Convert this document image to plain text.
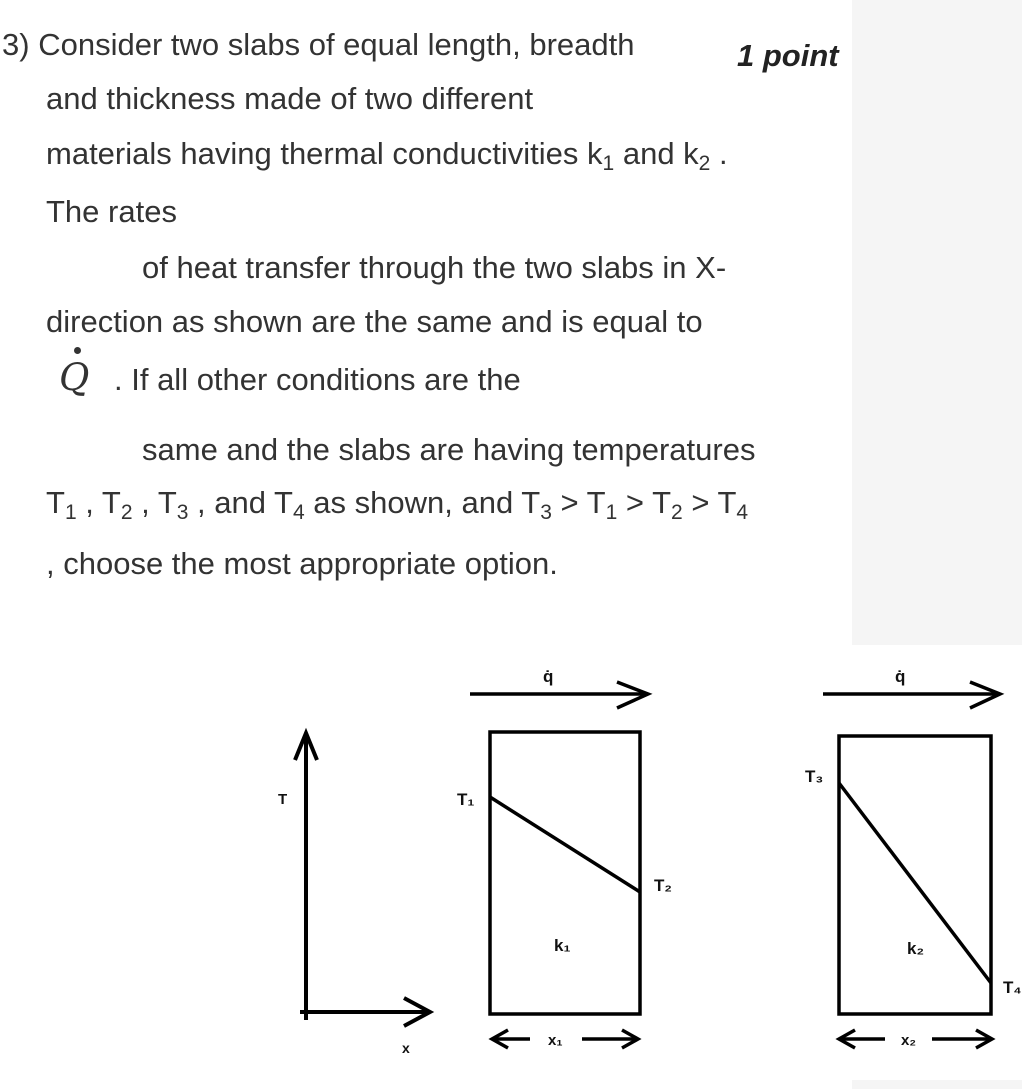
3) Consider two slabs of equal length, breadth	1 point
and thickness made of two different
materials having thermal conductivities $k_1$ and $k_2$ .
The rates
of heat transfer through the two slabs in X-
direction as shown are the same and is equal to
Q . If all other conditions are the
same and the slabs are having temperatures
$T_1$ , $T_2$ , $T_3$ , and $T_4$ as shown, and $T_3 > T_1 > T_2 > T_4$
, choose the most appropriate option.
T
x
q̇
T₁
T₂
k₁
x₁
q̇
T₃
T₄
k₂
x₂
